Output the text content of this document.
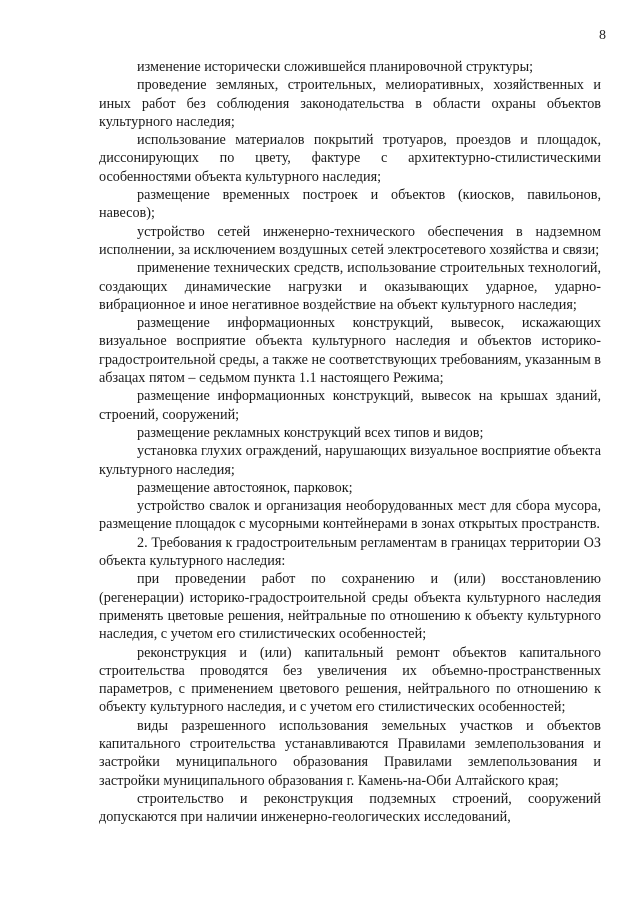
8

изменение исторически сложившейся планировочной структуры;

проведение земляных, строительных, мелиоративных, хозяйственных и иных работ без соблюдения законодательства в области охраны объектов культурного наследия;

использование материалов покрытий тротуаров, проездов и площадок, диссонирующих по цвету, фактуре с архитектурно-стилистическими особенностями объекта культурного наследия;

размещение временных построек и объектов (киосков, павильонов, навесов);

устройство сетей инженерно-технического обеспечения в надземном исполнении, за исключением воздушных сетей электросетевого хозяйства и связи;

применение технических средств, использование строительных технологий, создающих динамические нагрузки и оказывающих ударное, ударно-вибрационное и иное негативное воздействие на объект культурного наследия;

размещение информационных конструкций, вывесок, искажающих визуальное восприятие объекта культурного наследия и объектов историко-градостроительной среды, а также не соответствующих требованиям, указанным в абзацах пятом – седьмом пункта 1.1 настоящего Режима;

размещение информационных конструкций, вывесок на крышах зданий, строений, сооружений;

размещение рекламных конструкций всех типов и видов;

установка глухих ограждений, нарушающих визуальное восприятие объекта культурного наследия;

размещение автостоянок, парковок;

устройство свалок и организация необорудованных мест для сбора мусора, размещение площадок с мусорными контейнерами в зонах открытых пространств.

2. Требования к градостроительным регламентам в границах территории ОЗ объекта культурного наследия:

при проведении работ по сохранению и (или) восстановлению (регенерации) историко-градостроительной среды объекта культурного наследия применять цветовые решения, нейтральные по отношению к объекту культурного наследия, с учетом его стилистических особенностей;

реконструкция и (или) капитальный ремонт объектов капитального строительства проводятся без увеличения их объемно-пространственных параметров, с применением цветового решения, нейтрального по отношению к объекту культурного наследия, и с учетом его стилистических особенностей;

виды разрешенного использования земельных участков и объектов капитального строительства устанавливаются Правилами землепользования и застройки муниципального образования Правилами землепользования и застройки муниципального образования г. Камень-на-Оби Алтайского края;

строительство и реконструкция подземных строений, сооружений допускаются при наличии инженерно-геологических исследований,
